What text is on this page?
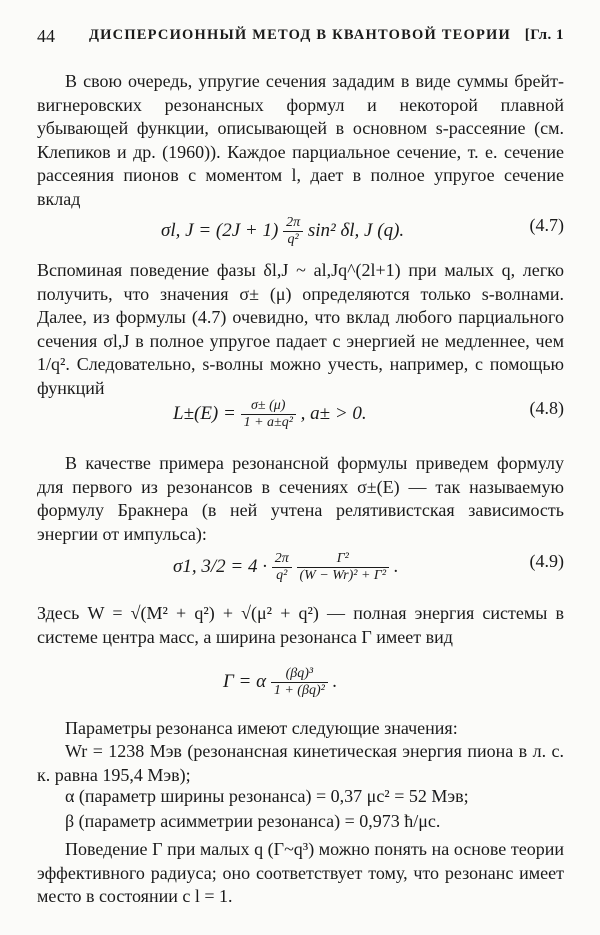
44 ДИСПЕРСИОННЫЙ МЕТОД В КВАНТОВОЙ ТЕОРИИ [Гл. 1
В свою очередь, упругие сечения зададим в виде суммы брейт-вигнеровских резонансных формул и некоторой плавной убывающей функции, описывающей в основном s-рассеяние (см. Клепиков и др. (1960)). Каждое парциальное сечение, т. е. сечение рассеяния пионов с моментом l, дает в полное упругое сечение вклад
σl, $J = (2J + 1) \frac{2\pi}{\text{q²}} \sin^2$ δl, J (q).	(4.7)
Вспоминая поведение фазы δl,J ~ al,Jq^(2l+1) при малых q, легко получить, что значения σ± (μ) определяются только s-волнами. Далее, из формулы (4.7) очевидно, что вклад любого парциального сечения σl,J в полное упругое падает с энергией не медленнее, чем 1/q². Следовательно, s-волны можно учесть, например, с помощью функций
$L\pm(E) = \frac{\sigma\pm (\mu)}{\text{1 + a±q²}}$ , a± > 0.	(4.8)
В качестве примера резонансной формулы приведем формулу для первого из резонансов в сечениях σ±(E) — так называемую формулу Бракнера (в ней учтена релятивистская зависимость энергии от импульса):
σ1, $3/2 = 4 \cdot \frac{2\pi}{\text{q²}}$
$\frac{\text{Γ²}}{\text{(W − Wr)² + Γ²}}$ .	(4.9)
Здесь W = √(M² + q²) + √(μ² + q²) — полная энергия системы в системе центра масс, а ширина резонанса Γ имеет вид
Γ = α $\frac{\text{(βq)³}}{\text{1 + (βq)²}}$ .
Параметры резонанса имеют следующие значения:
Wr = 1238 Мэв (резонансная кинетическая энергия пиона в л. с. к. равна 195,4 Мэв);
α (параметр ширины резонанса) = 0,37 μc² = 52 Мэв;
β (параметр асимметрии резонанса) = 0,973 ħ/μc.
Поведение Γ при малых q (Γ~q³) можно понять на основе теории эффективного радиуса; оно соответствует тому, что резонанс имеет место в состоянии с l = 1.
